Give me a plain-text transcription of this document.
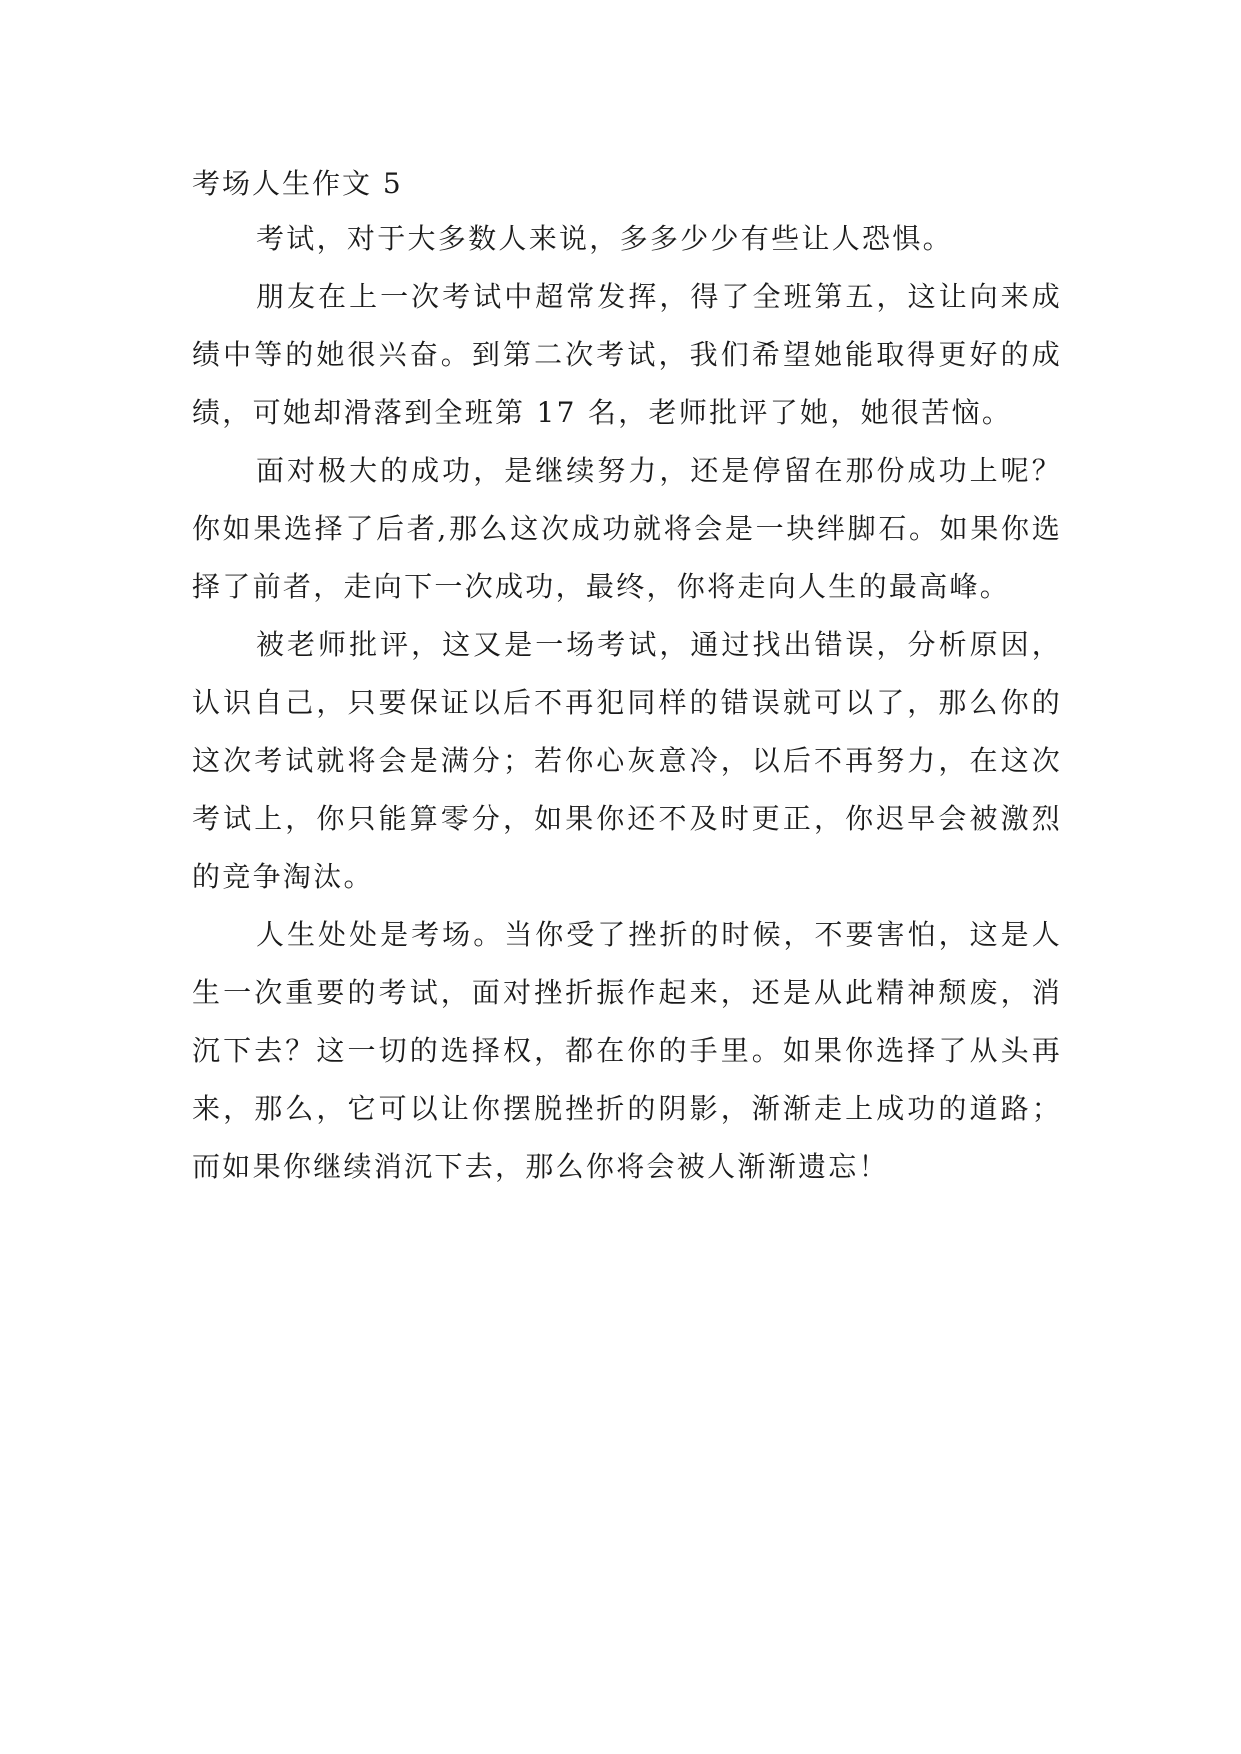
考场人生作文 5

考试，对于大多数人来说，多多少少有些让人恐惧。

朋友在上一次考试中超常发挥，得了全班第五，这让向来成绩中等的她很兴奋。到第二次考试，我们希望她能取得更好的成绩，可她却滑落到全班第 17 名，老师批评了她，她很苦恼。

面对极大的成功，是继续努力，还是停留在那份成功上呢？你如果选择了后者,那么这次成功就将会是一块绊脚石。如果你选择了前者，走向下一次成功，最终，你将走向人生的最高峰。

被老师批评，这又是一场考试，通过找出错误，分析原因，认识自己，只要保证以后不再犯同样的错误就可以了，那么你的这次考试就将会是满分；若你心灰意冷，以后不再努力，在这次考试上，你只能算零分，如果你还不及时更正，你迟早会被激烈的竞争淘汰。

人生处处是考场。当你受了挫折的时候，不要害怕，这是人生一次重要的考试，面对挫折振作起来，还是从此精神颓废，消沉下去？这一切的选择权，都在你的手里。如果你选择了从头再来，那么，它可以让你摆脱挫折的阴影，渐渐走上成功的道路；而如果你继续消沉下去，那么你将会被人渐渐遗忘！
